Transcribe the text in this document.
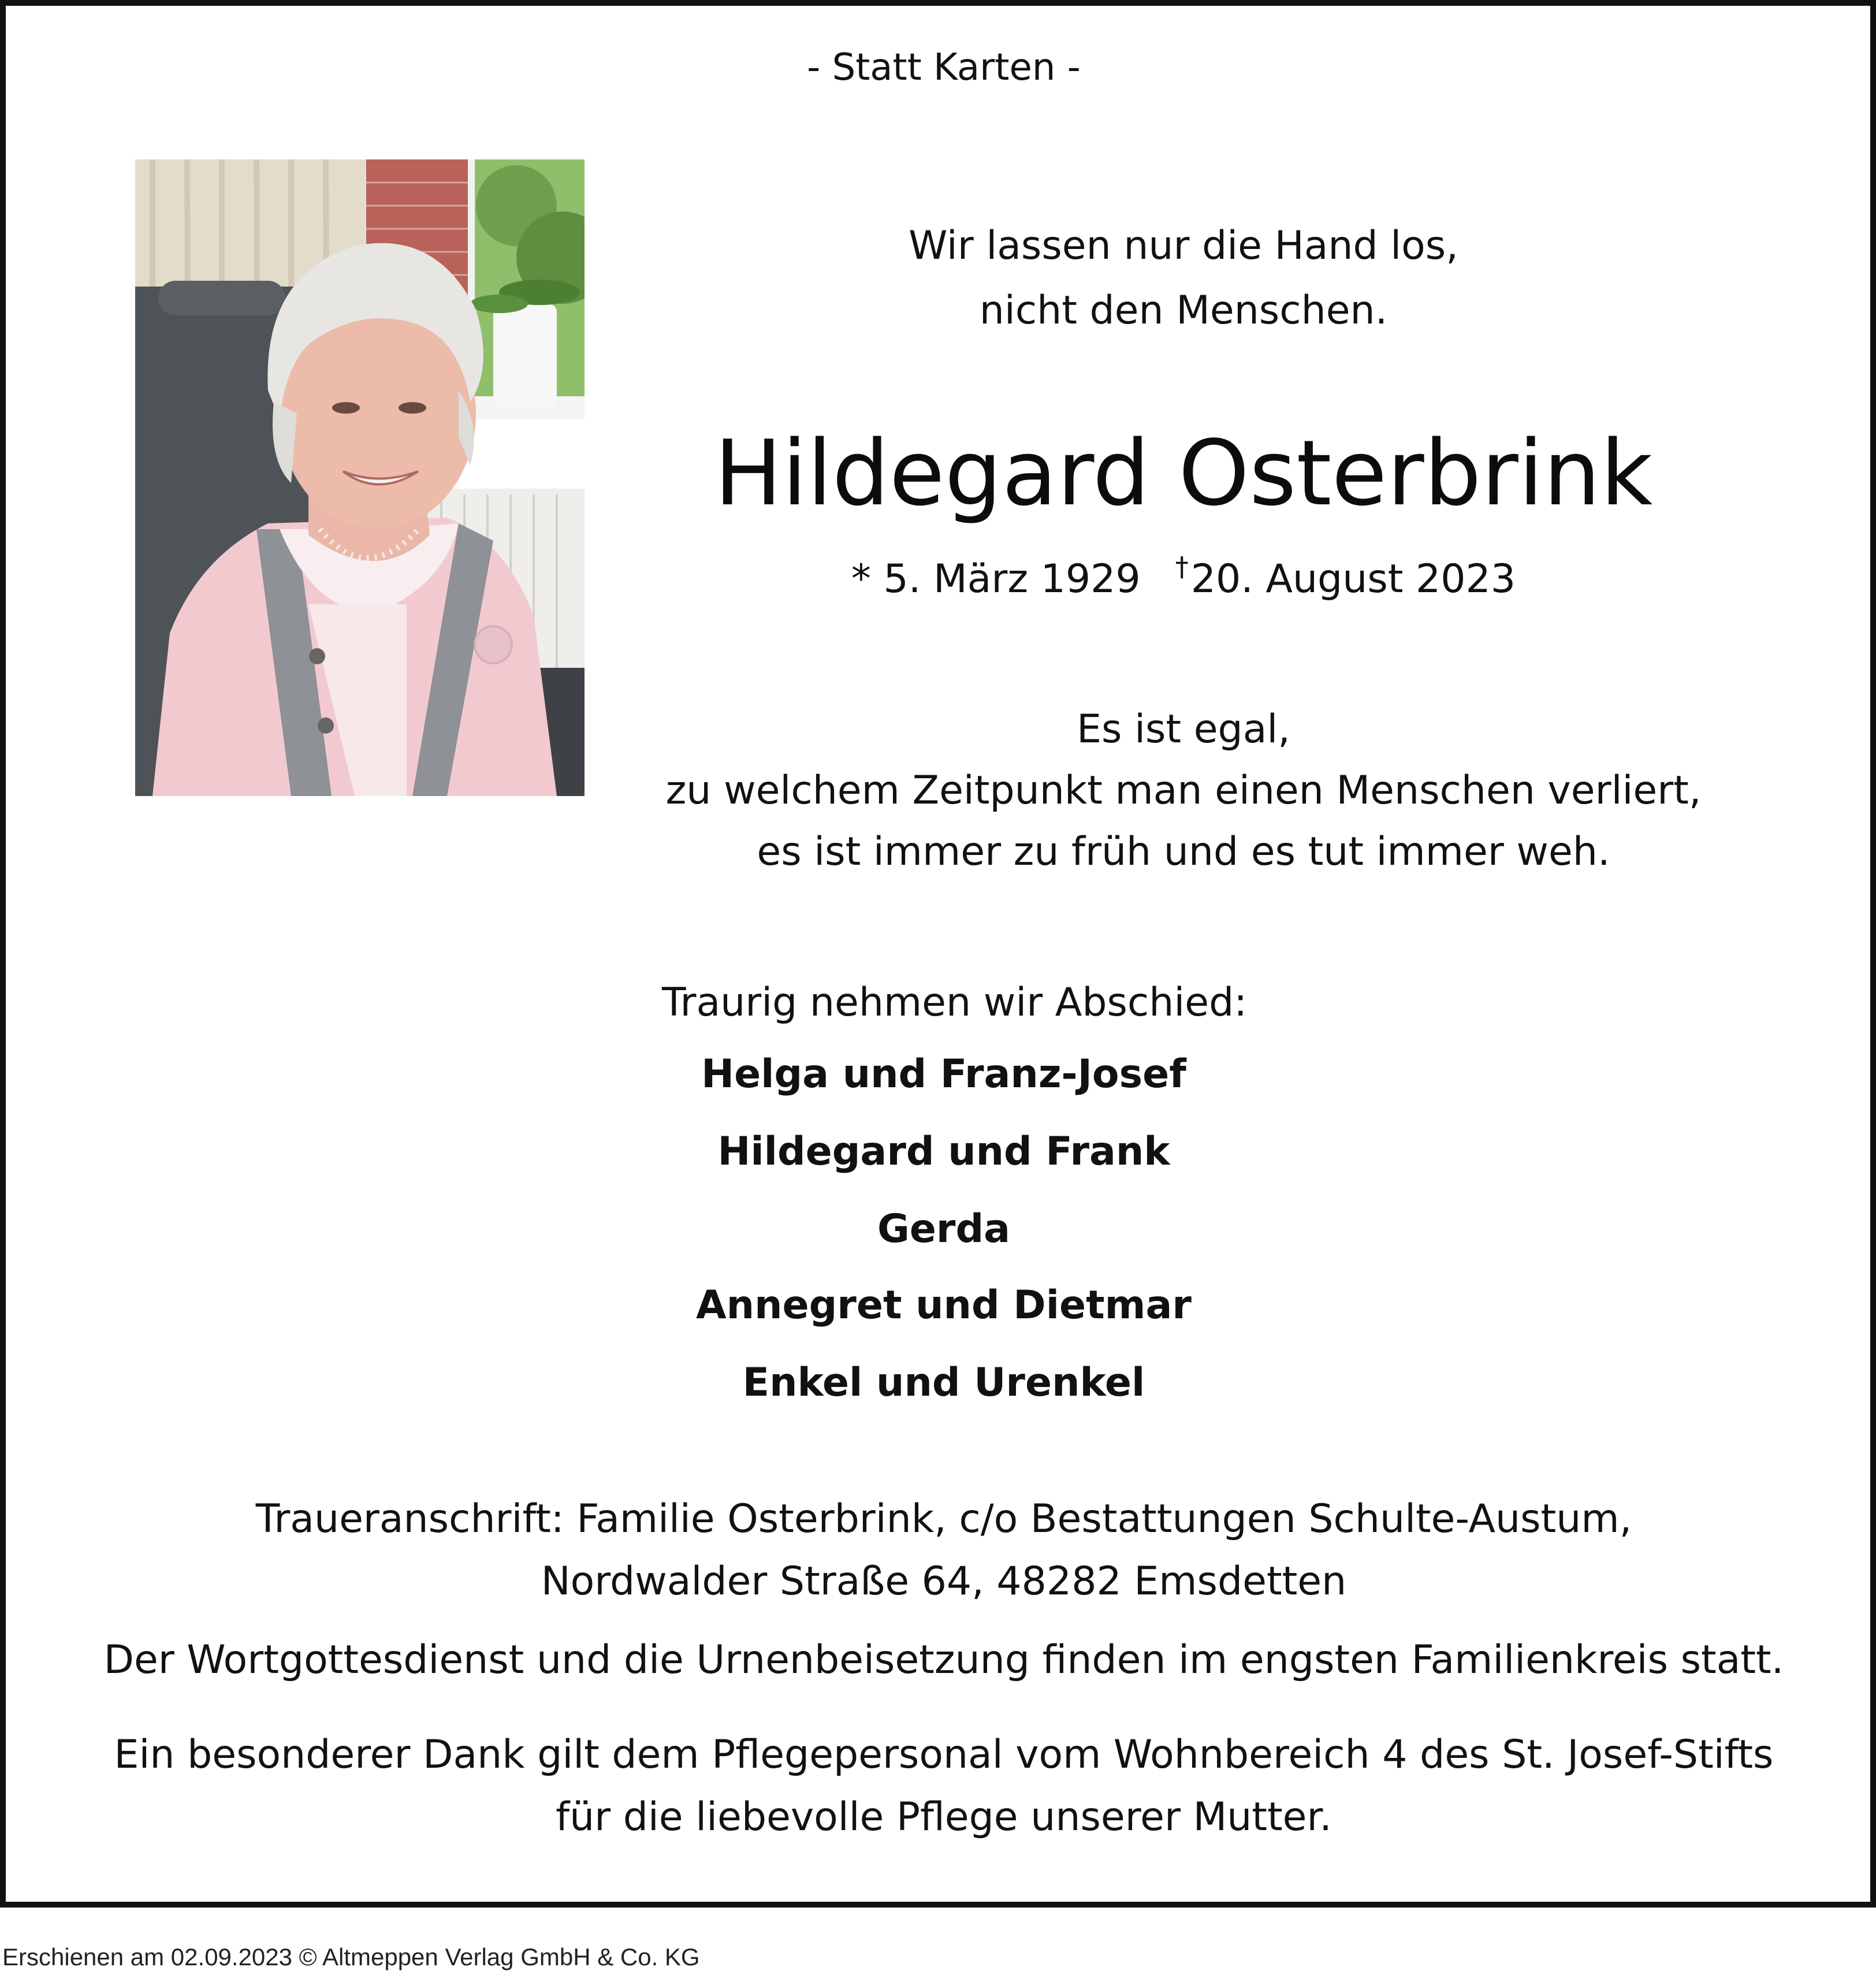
- Statt Karten -
Wir lassen nur die Hand los,
nicht den Menschen.
Hildegard Osterbrink
* 5. März 1929 †20. August 2023
Es ist egal,
zu welchem Zeitpunkt man einen Menschen verliert,
es ist immer zu früh und es tut immer weh.
Traurig nehmen wir Abschied:
Helga und Franz-Josef
Hildegard und Frank
Gerda
Annegret und Dietmar
Enkel und Urenkel
Traueranschrift: Familie Osterbrink, c/o Bestattungen Schulte-Austum,
Nordwalder Straße 64, 48282 Emsdetten
Der Wortgottesdienst und die Urnenbeisetzung finden im engsten Familienkreis statt.
Ein besonderer Dank gilt dem Pflegepersonal vom Wohnbereich 4 des St. Josef-Stifts
für die liebevolle Pflege unserer Mutter.
Erschienen am 02.09.2023 © Altmeppen Verlag GmbH & Co. KG
